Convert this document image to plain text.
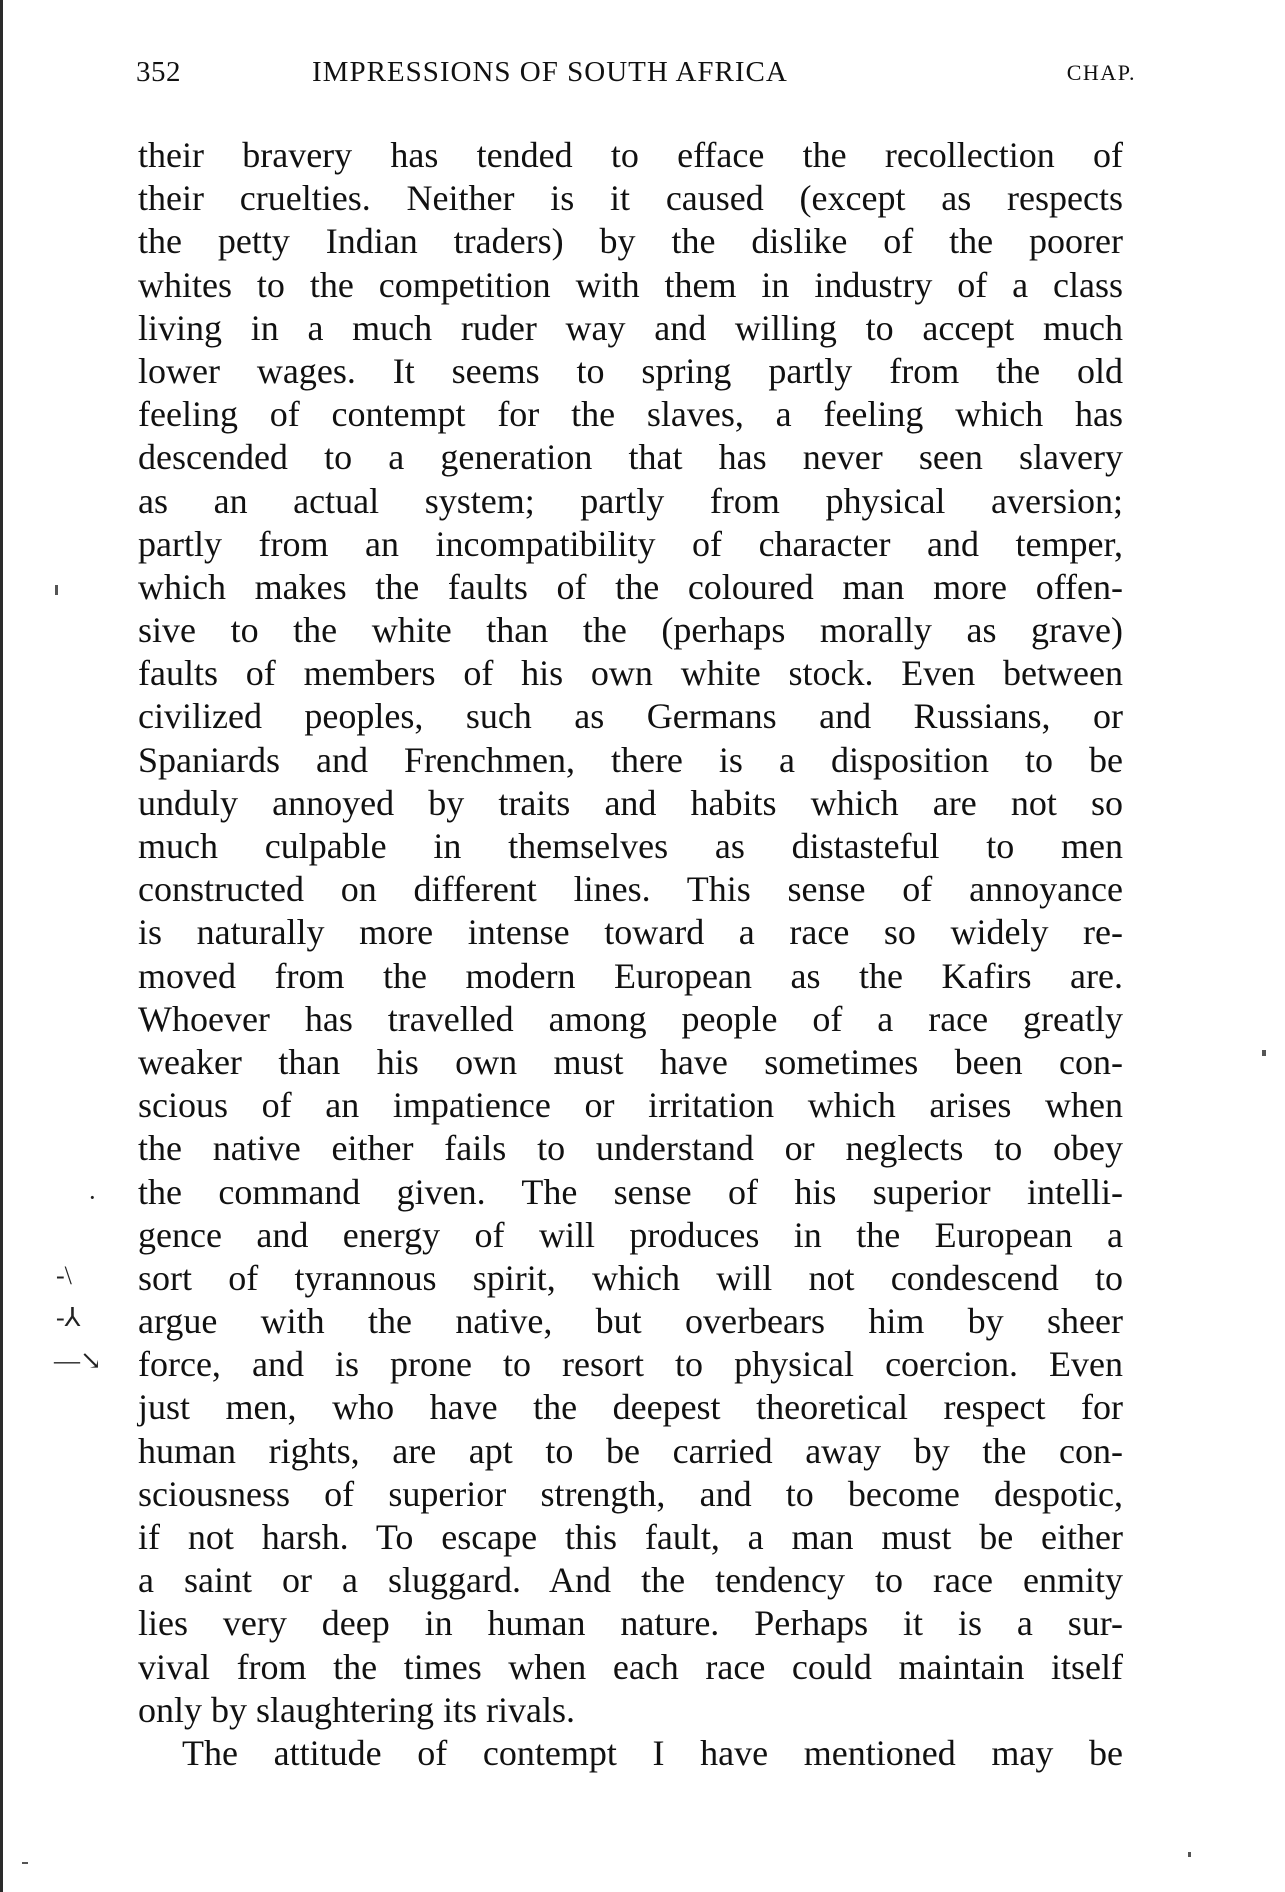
352	IMPRESSIONS OF SOUTH AFRICA	CHAP.
their bravery has tended to efface the recollection of
their cruelties. Neither is it caused (except as respects
the petty Indian traders) by the dislike of the poorer
whites to the competition with them in industry of a class
living in a much ruder way and willing to accept much
lower wages. It seems to spring partly from the old
feeling of contempt for the slaves, a feeling which has
descended to a generation that has never seen slavery
as an actual system; partly from physical aversion;
partly from an incompatibility of character and temper,
which makes the faults of the coloured man more offen-
sive to the white than the (perhaps morally as grave)
faults of members of his own white stock. Even between
civilized peoples, such as Germans and Russians, or
Spaniards and Frenchmen, there is a disposition to be
unduly annoyed by traits and habits which are not so
much culpable in themselves as distasteful to men
constructed on different lines. This sense of annoyance
is naturally more intense toward a race so widely re-
moved from the modern European as the Kafirs are.
Whoever has travelled among people of a race greatly
weaker than his own must have sometimes been con-
scious of an impatience or irritation which arises when
the native either fails to understand or neglects to obey
the command given. The sense of his superior intelli-
gence and energy of will produces in the European a
sort of tyrannous spirit, which will not condescend to
argue with the native, but overbears him by sheer
force, and is prone to resort to physical coercion. Even
just men, who have the deepest theoretical respect for
human rights, are apt to be carried away by the con-
sciousness of superior strength, and to become despotic,
if not harsh. To escape this fault, a man must be either
a saint or a sluggard. And the tendency to race enmity
lies very deep in human nature. Perhaps it is a sur-
vival from the times when each race could maintain itself
only by slaughtering its rivals.
The attitude of contempt I have mentioned may be
·
-\
-⅄
—↘
